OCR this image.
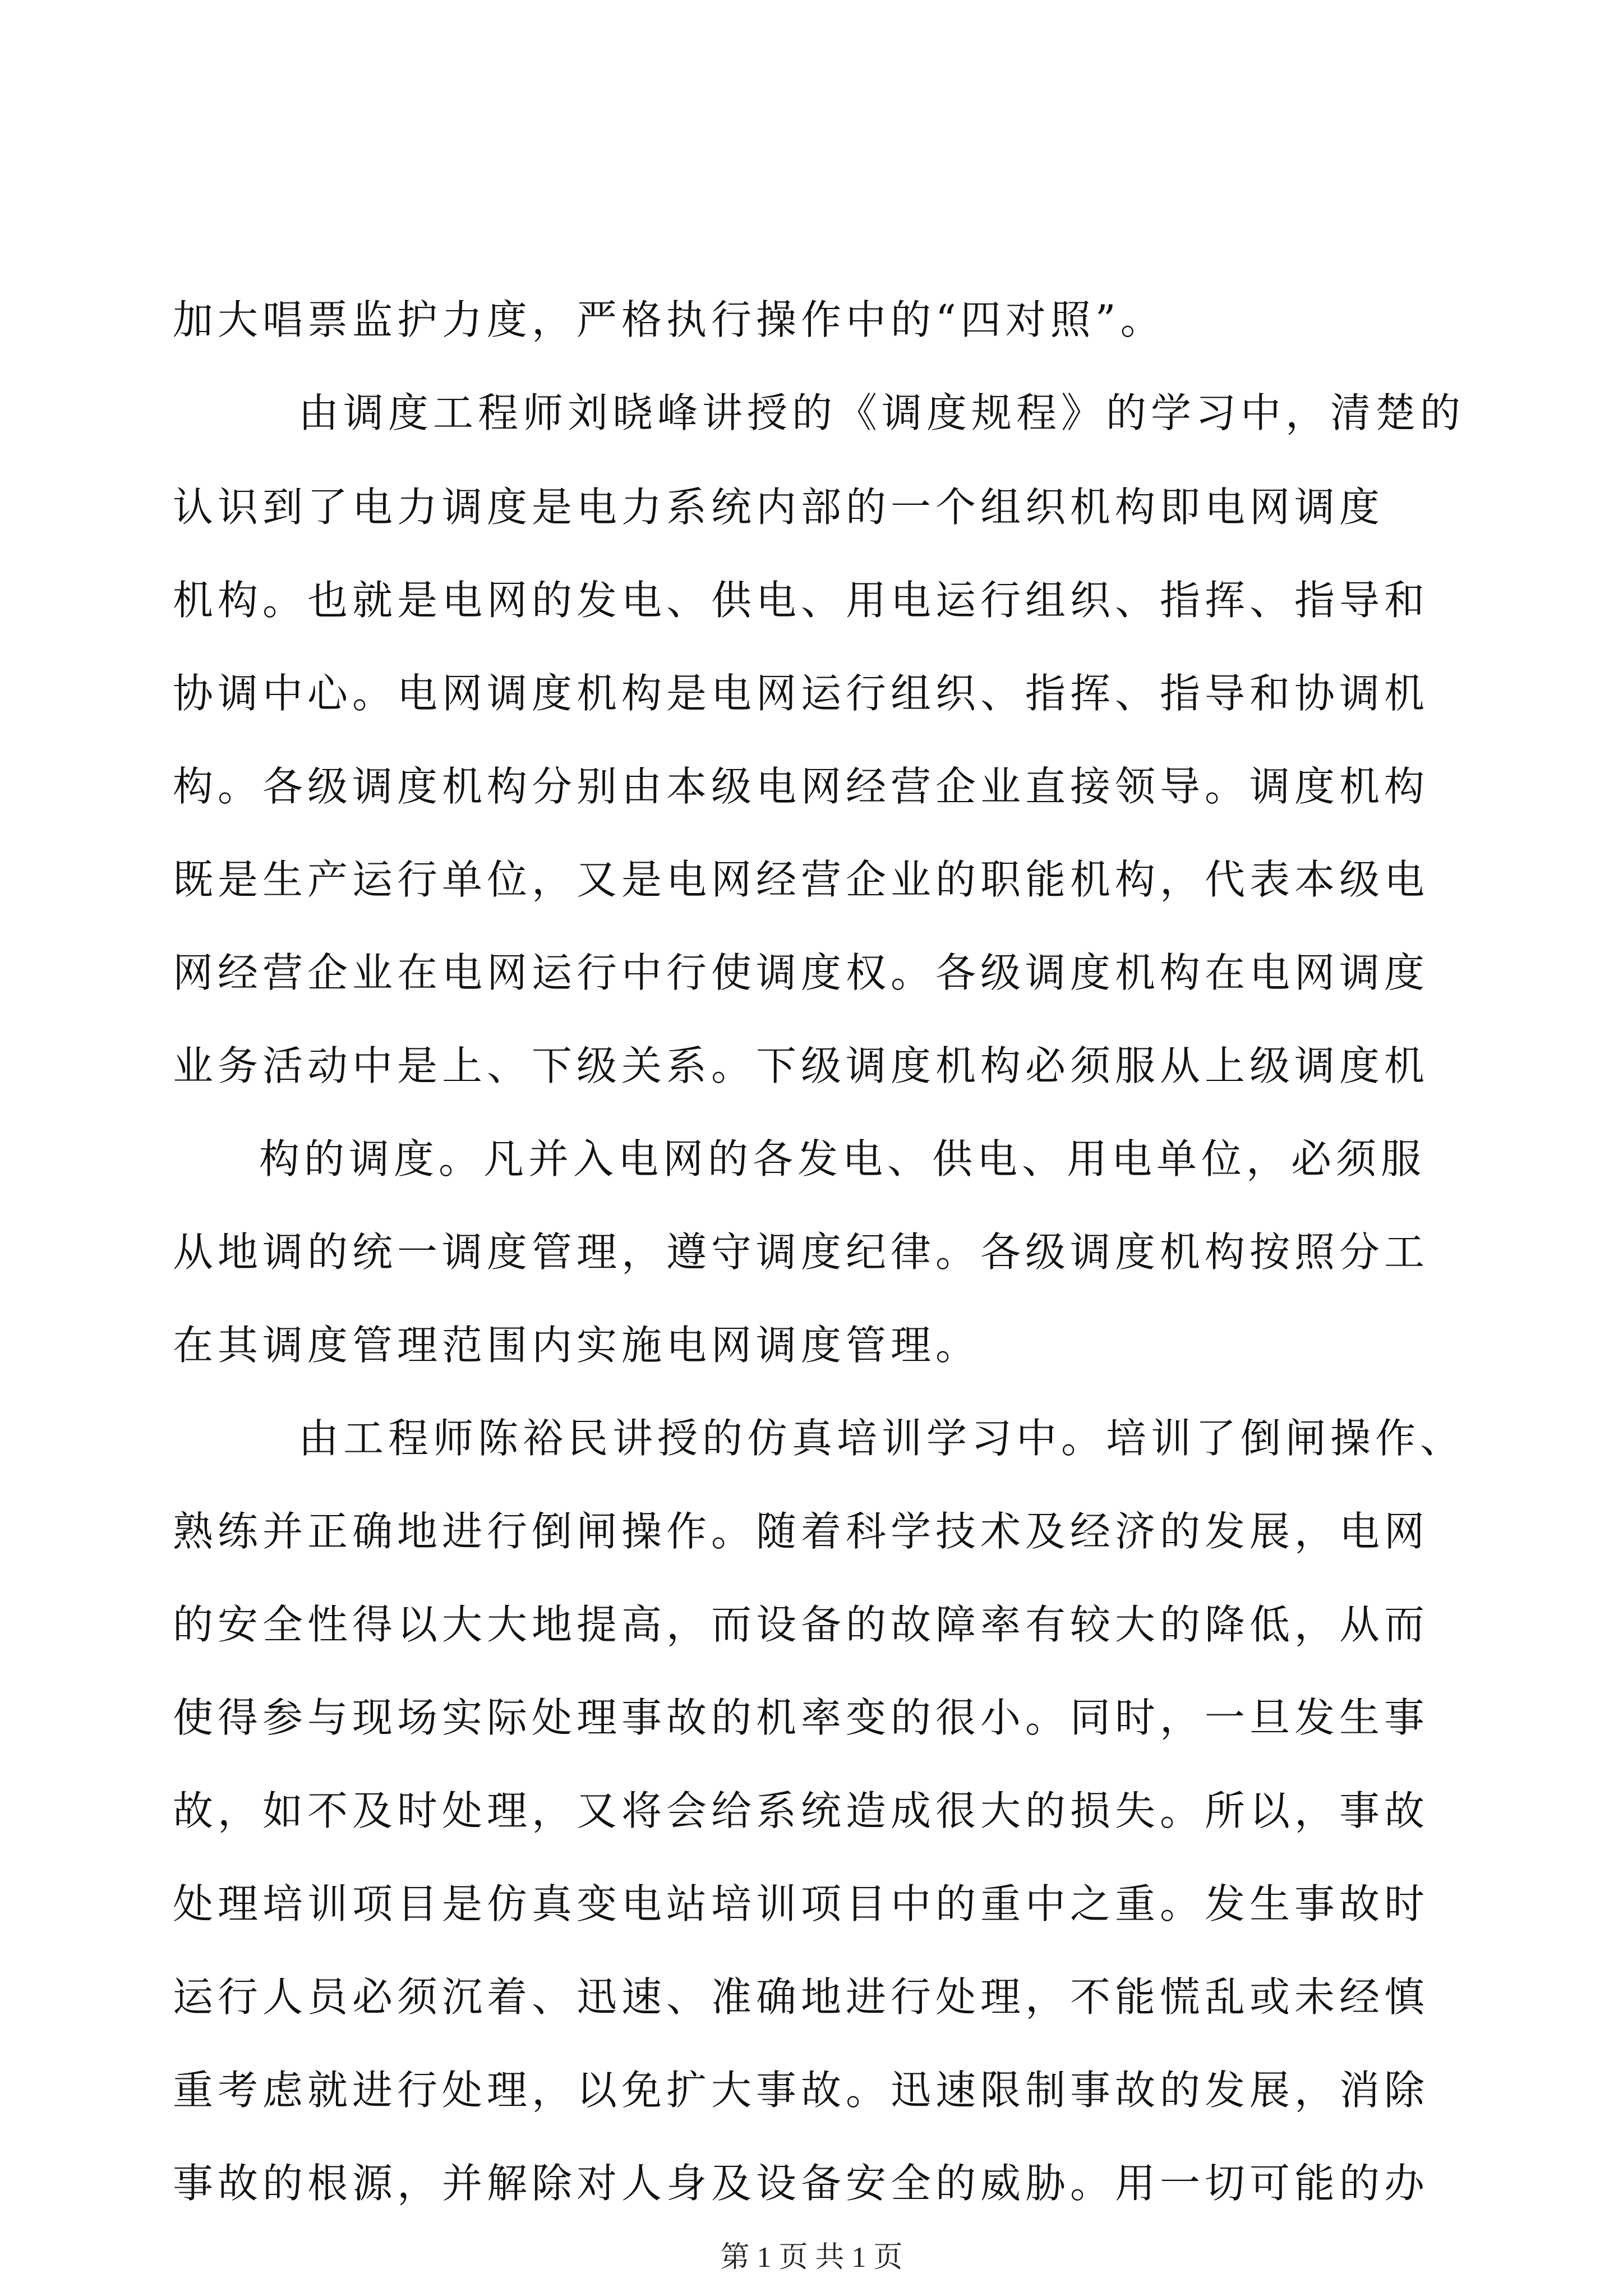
加大唱票监护力度，严格执行操作中的“四对照”。
由调度工程师刘晓峰讲授的《调度规程》的学习中，清楚的
认识到了电力调度是电力系统内部的一个组织机构即电网调度
机构。也就是电网的发电、供电、用电运行组织、指挥、指导和
协调中心。电网调度机构是电网运行组织、指挥、指导和协调机
构。各级调度机构分别由本级电网经营企业直接领导。调度机构
既是生产运行单位，又是电网经营企业的职能机构，代表本级电
网经营企业在电网运行中行使调度权。各级调度机构在电网调度
业务活动中是上、下级关系。下级调度机构必须服从上级调度机
构的调度。凡并入电网的各发电、供电、用电单位，必须服
从地调的统一调度管理，遵守调度纪律。各级调度机构按照分工
在其调度管理范围内实施电网调度管理。
由工程师陈裕民讲授的仿真培训学习中。培训了倒闸操作、
熟练并正确地进行倒闸操作。随着科学技术及经济的发展，电网
的安全性得以大大地提高，而设备的故障率有较大的降低，从而
使得参与现场实际处理事故的机率变的很小。同时，一旦发生事
故，如不及时处理，又将会给系统造成很大的损失。所以，事故
处理培训项目是仿真变电站培训项目中的重中之重。发生事故时
运行人员必须沉着、迅速、准确地进行处理，不能慌乱或未经慎
重考虑就进行处理，以免扩大事故。迅速限制事故的发展，消除
事故的根源，并解除对人身及设备安全的威胁。用一切可能的办
第 1 页 共 1 页
